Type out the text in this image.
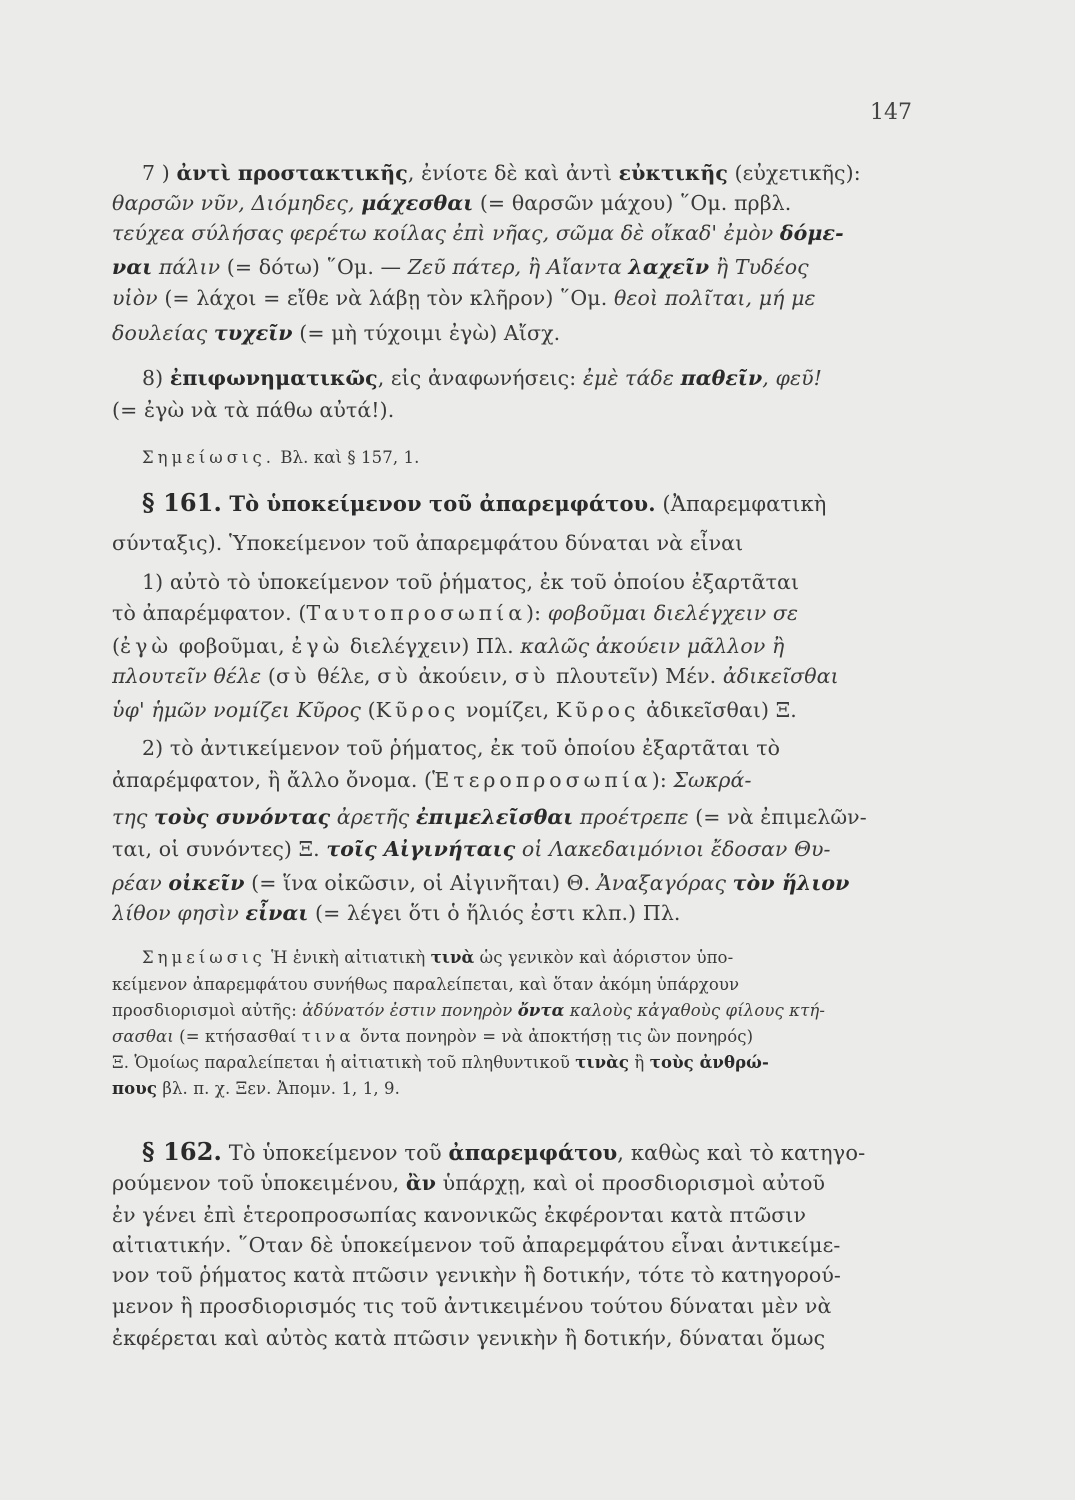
147
7 ) ἀντὶ προστακτικῆς, ἐνίοτε δὲ καὶ ἀντὶ εὐκτικῆς (εὐχετικῆς):
θαρσῶν νῦν, Διόμηδες, μάχεσθαι (= θαρσῶν μάχου) ῞Ομ. πρβλ.
τεύχεα σύλήσας φερέτω κοίλας ἐπὶ νῆας, σῶμα δὲ οἴκαδ' ἐμὸν δόμε-
ναι πάλιν (= δότω) ῞Ομ. — Ζεῦ πάτερ, ἢ Αἴαντα λαχεῖν ἢ Τυδέος
υἱὸν (= λάχοι = εἴθε νὰ λάβῃ τὸν κλῆρον) ῞Ομ. θεοὶ πολῖται, μή με
δουλείας τυχεῖν (= μὴ τύχοιμι ἐγὼ) Αἴσχ.
8) ἐπιφωνηματικῶς, εἰς ἀναφωνήσεις: ἐμὲ τάδε παθεῖν, φεῦ!
(= ἐγὼ νὰ τὰ πάθω αὐτά!).
Σημείωσις. Βλ. καὶ § 157, 1.
§ 161. Τὸ ὑποκείμενον τοῦ ἀπαρεμφάτου. (Ἀπαρεμφατικὴ
σύνταξις). Ὑποκείμενον τοῦ ἀπαρεμφάτου δύναται νὰ εἶναι
1) αὐτὸ τὸ ὑποκείμενον τοῦ ῥήματος, ἐκ τοῦ ὁποίου ἐξαρτᾶται
τὸ ἀπαρέμφατον. (Ταυτοπροσωπία): φοβοῦμαι διελέγχειν σε
(ἐγὼ φοβοῦμαι, ἐγὼ διελέγχειν) Πλ. καλῶς ἀκούειν μᾶλλον ἢ
πλουτεῖν θέλε (σὺ θέλε, σὺ ἀκούειν, σὺ πλουτεῖν) Μέν. ἀδικεῖσθαι
ὑφ' ἡμῶν νομίζει Κῦρος (Κῦρος νομίζει, Κῦρος ἀδικεῖσθαι) Ξ.
2) τὸ ἀντικείμενον τοῦ ῥήματος, ἐκ τοῦ ὁποίου ἐξαρτᾶται τὸ
ἀπαρέμφατον, ἢ ἄλλο ὄνομα. (Ἑτεροπροσωπία): Σωκρά-
της τοὺς συνόντας ἀρετῆς ἐπιμελεῖσθαι προέτρεπε (= νὰ ἐπιμελῶν-
ται, οἱ συνόντες) Ξ. τοῖς Αἰγινήταις οἱ Λακεδαιμόνιοι ἔδοσαν Θυ-
ρέαν οἰκεῖν (= ἵνα οἰκῶσιν, οἱ Αἰγινῆται) Θ. Ἀναξαγόρας τὸν ἥλιον
λίθον φησὶν εἶναι (= λέγει ὅτι ὁ ἥλιός ἐστι κλπ.) Πλ.
Σημείωσις Ἡ ἑνικὴ αἰτιατικὴ τινὰ ὡς γενικὸν καὶ ἀόριστον ὑπο-
κείμενον ἀπαρεμφάτου συνήθως παραλείπεται, καὶ ὅταν ἀκόμη ὑπάρχουν
προσδιορισμοὶ αὐτῆς: ἀδύνατόν ἐστιν πονηρὸν ὄντα καλοὺς κἀγαθοὺς φίλους κτή-
σασθαι (= κτήσασθαί τινα ὄντα πονηρὸν = νὰ ἀποκτήσῃ τις ὢν πονηρός)
Ξ. Ὁμοίως παραλείπεται ἡ αἰτιατικὴ τοῦ πληθυντικοῦ τινὰς ἢ τοὺς ἀνθρώ-
πους βλ. π. χ. Ξεν. Ἀπομν. 1, 1, 9.
§ 162. Τὸ ὑποκείμενον τοῦ ἀπαρεμφάτου, καθὼς καὶ τὸ κατηγο-
ρούμενον τοῦ ὑποκειμένου, ἂν ὑπάρχῃ, καὶ οἱ προσδιορισμοὶ αὐτοῦ
ἐν γένει ἐπὶ ἑτεροπροσωπίας κανονικῶς ἐκφέρονται κατὰ πτῶσιν
αἰτιατικήν. ῞Οταν δὲ ὑποκείμενον τοῦ ἀπαρεμφάτου εἶναι ἀντικείμε-
νον τοῦ ῥήματος κατὰ πτῶσιν γενικὴν ἢ δοτικήν, τότε τὸ κατηγορού-
μενον ἢ προσδιορισμός τις τοῦ ἀντικειμένου τούτου δύναται μὲν νὰ
ἐκφέρεται καὶ αὐτὸς κατὰ πτῶσιν γενικὴν ἢ δοτικήν, δύναται ὅμως
